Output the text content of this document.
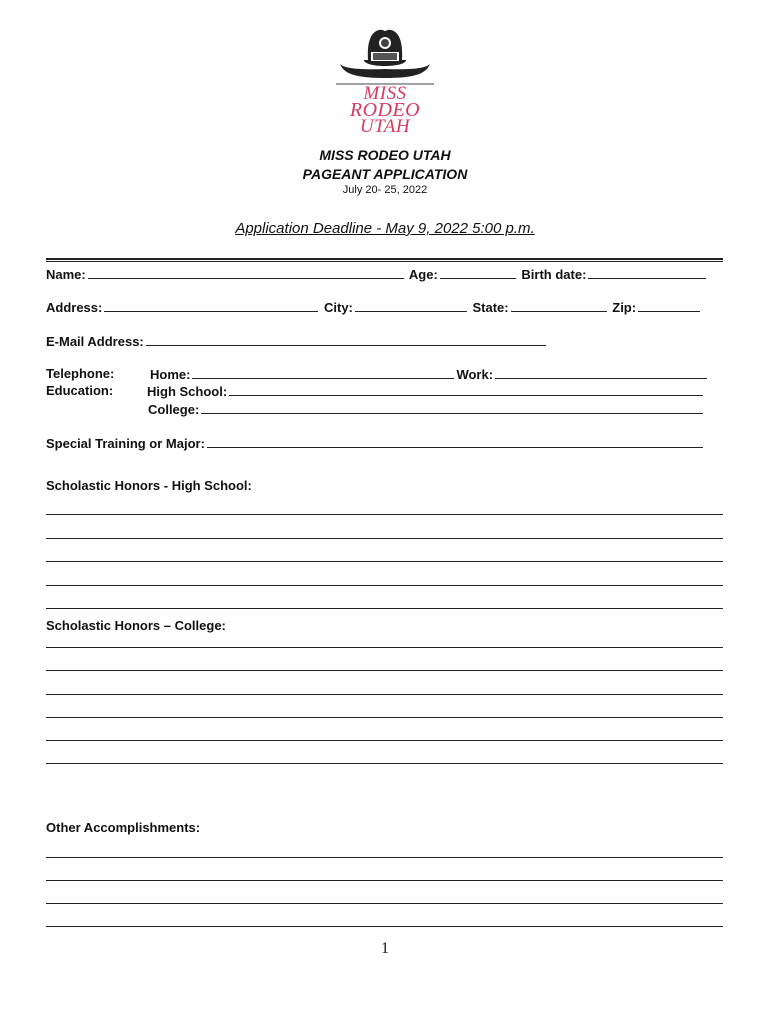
MISS
RODEO
UTAH
MISS RODEO UTAH
PAGEANT APPLICATION
July 20- 25, 2022
Application Deadline - May 9, 2022 5:00 p.m.
Name:	Age:	Birth date:
Address:	City:	State:	Zip:
E-Mail Address:
Telephone:	Home:	Work:
Education:	High School:
College:
Special Training or Major:
Scholastic Honors - High School:
Scholastic Honors – College:
Other Accomplishments:
1
